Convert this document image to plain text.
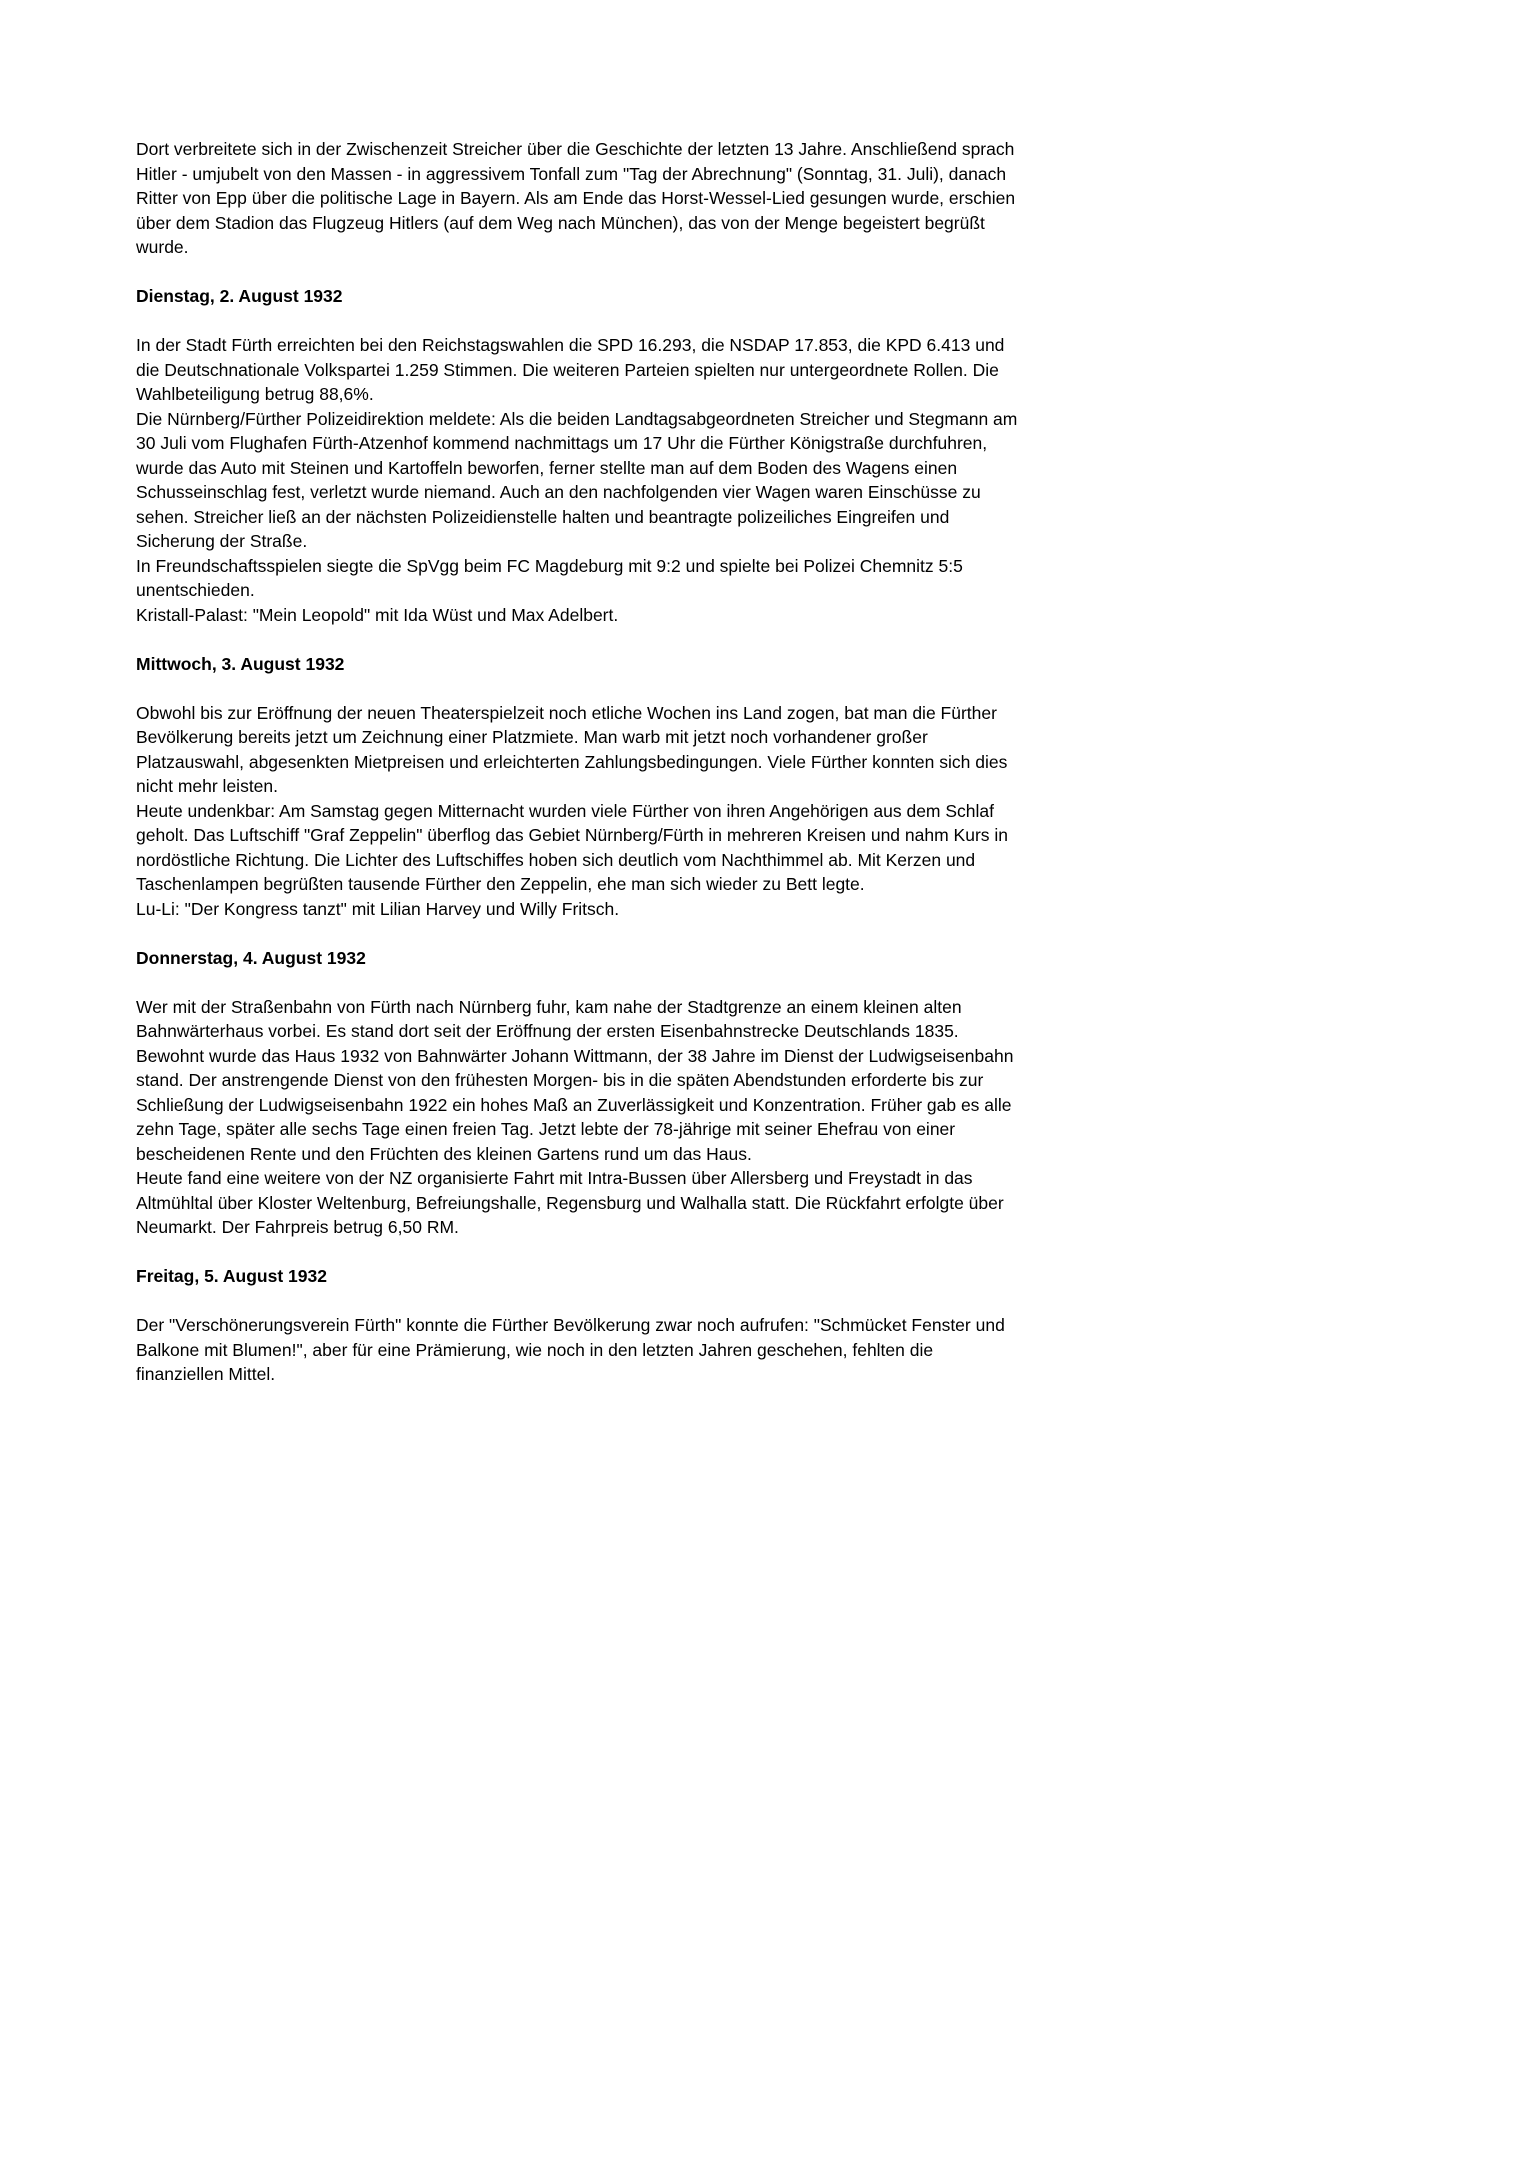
Dort verbreitete sich in der Zwischenzeit Streicher über die Geschichte der letzten 13 Jahre. Anschließend sprach Hitler - umjubelt von den Massen - in aggressivem Tonfall zum "Tag der Abrechnung" (Sonntag, 31. Juli), danach Ritter von Epp über die politische Lage in Bayern. Als am Ende das Horst-Wessel-Lied gesungen wurde, erschien über dem Stadion das Flugzeug Hitlers (auf dem Weg nach München), das von der Menge begeistert begrüßt wurde.

Dienstag, 2. August 1932

In der Stadt Fürth erreichten bei den Reichstagswahlen die SPD 16.293, die NSDAP 17.853, die KPD 6.413 und die Deutschnationale Volkspartei 1.259 Stimmen. Die weiteren Parteien spielten nur untergeordnete Rollen. Die Wahlbeteiligung betrug 88,6%.

Die Nürnberg/Fürther Polizeidirektion meldete: Als die beiden Landtagsabgeordneten Streicher und Stegmann am 30 Juli vom Flughafen Fürth-Atzenhof kommend nachmittags um 17 Uhr die Fürther Königstraße durchfuhren, wurde das Auto mit Steinen und Kartoffeln beworfen, ferner stellte man auf dem Boden des Wagens einen Schusseinschlag fest, verletzt wurde niemand. Auch an den nachfolgenden vier Wagen waren Einschüsse zu sehen. Streicher ließ an der nächsten Polizeidienstelle halten und beantragte polizeiliches Eingreifen und Sicherung der Straße.

In Freundschaftsspielen siegte die SpVgg beim FC Magdeburg mit 9:2 und spielte bei Polizei Chemnitz 5:5 unentschieden.

Kristall-Palast: "Mein Leopold" mit Ida Wüst und Max Adelbert.

Mittwoch, 3. August 1932

Obwohl bis zur Eröffnung der neuen Theaterspielzeit noch etliche Wochen ins Land zogen, bat man die Fürther Bevölkerung bereits jetzt um Zeichnung einer Platzmiete. Man warb mit jetzt noch vorhandener großer Platzauswahl, abgesenkten Mietpreisen und erleichterten Zahlungsbedingungen. Viele Fürther konnten sich dies nicht mehr leisten.

Heute undenkbar: Am Samstag gegen Mitternacht wurden viele Fürther von ihren Angehörigen aus dem Schlaf geholt. Das Luftschiff "Graf Zeppelin" überflog das Gebiet Nürnberg/Fürth in mehreren Kreisen und nahm Kurs in nordöstliche Richtung. Die Lichter des Luftschiffes hoben sich deutlich vom Nachthimmel ab. Mit Kerzen und Taschenlampen begrüßten tausende Fürther den Zeppelin, ehe man sich wieder zu Bett legte.

Lu-Li: "Der Kongress tanzt" mit Lilian Harvey und Willy Fritsch.

Donnerstag, 4. August 1932

Wer mit der Straßenbahn von Fürth nach Nürnberg fuhr, kam nahe der Stadtgrenze an einem kleinen alten Bahnwärterhaus vorbei. Es stand dort seit der Eröffnung der ersten Eisenbahnstrecke Deutschlands 1835. Bewohnt wurde das Haus 1932 von Bahnwärter Johann Wittmann, der 38 Jahre im Dienst der Ludwigseisenbahn stand. Der anstrengende Dienst von den frühesten Morgen- bis in die späten Abendstunden erforderte bis zur Schließung der Ludwigseisenbahn 1922 ein hohes Maß an Zuverlässigkeit und Konzentration. Früher gab es alle zehn Tage, später alle sechs Tage einen freien Tag. Jetzt lebte der 78-jährige mit seiner Ehefrau von einer bescheidenen Rente und den Früchten des kleinen Gartens rund um das Haus.

Heute fand eine weitere von der NZ organisierte Fahrt mit Intra-Bussen über Allersberg und Freystadt in das Altmühltal über Kloster Weltenburg, Befreiungshalle, Regensburg und Walhalla statt. Die Rückfahrt erfolgte über Neumarkt. Der Fahrpreis betrug 6,50 RM.

Freitag, 5. August 1932

Der "Verschönerungsverein Fürth" konnte die Fürther Bevölkerung zwar noch aufrufen: "Schmücket Fenster und Balkone mit Blumen!", aber für eine Prämierung, wie noch in den letzten Jahren geschehen, fehlten die finanziellen Mittel.
